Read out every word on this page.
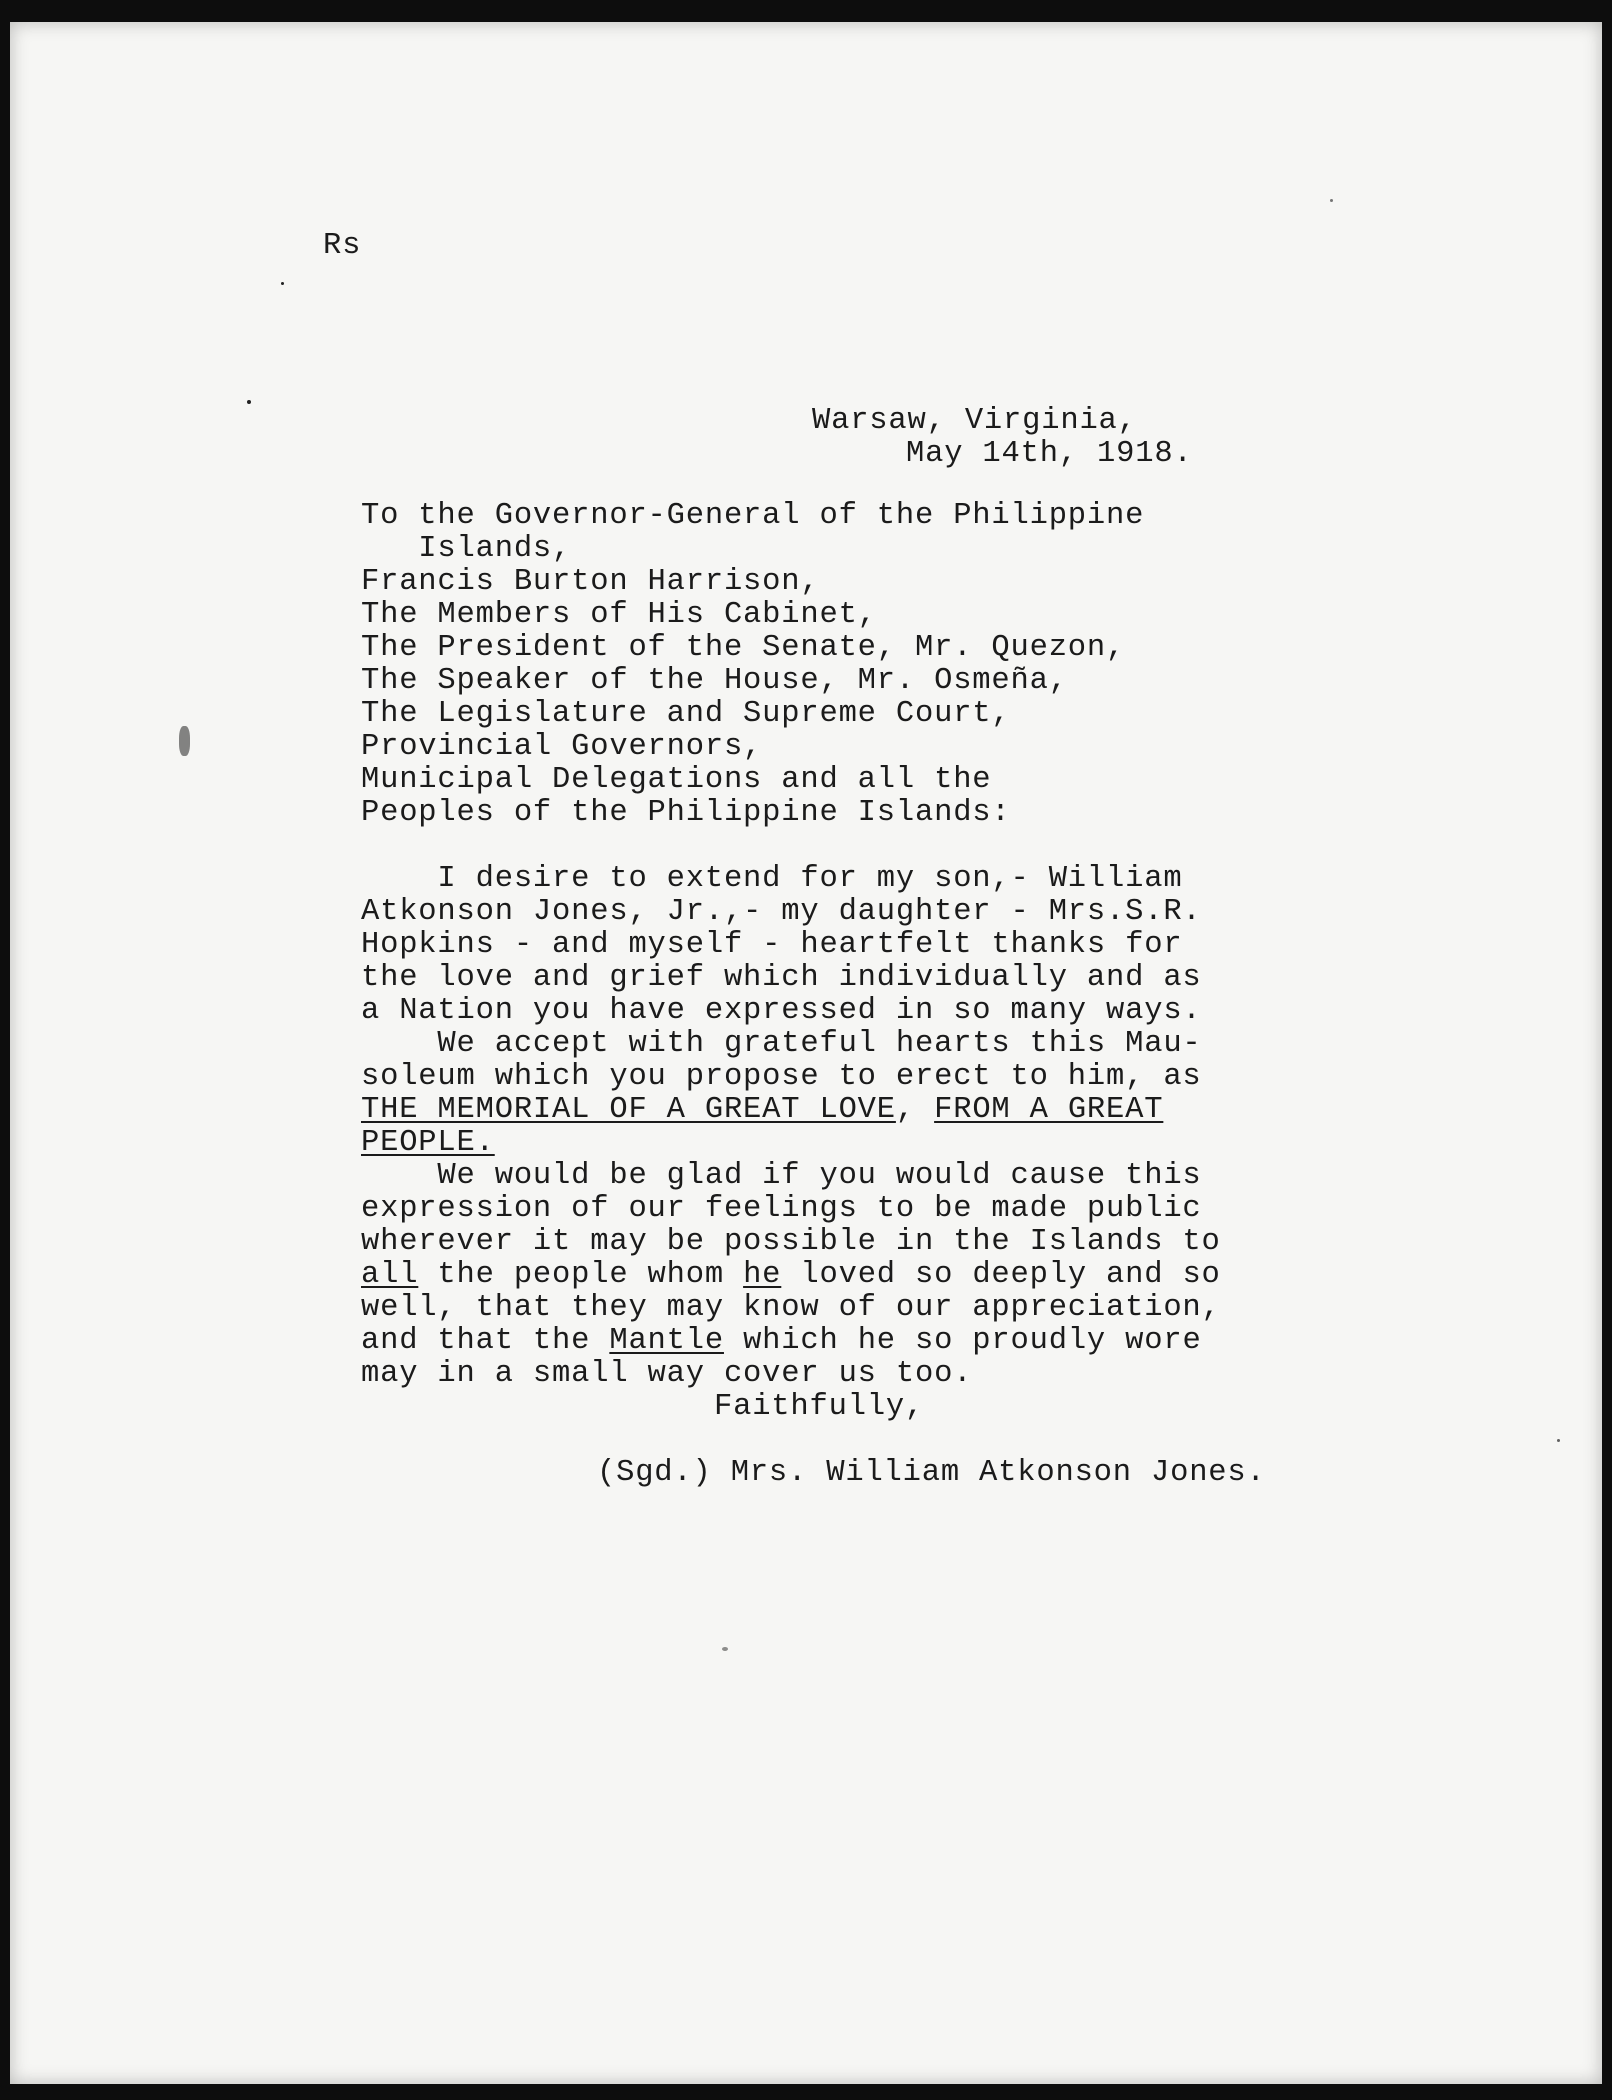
Rs
Warsaw, Virginia,
May 14th, 1918.
To the Governor-General of the Philippine
Islands,
Francis Burton Harrison,
The Members of His Cabinet,
The President of the Senate, Mr. Quezon,
The Speaker of the House, Mr. Osmeña,
The Legislature and Supreme Court,
Provincial Governors,
Municipal Delegations and all the
Peoples of the Philippine Islands:
I desire to extend for my son,- William
Atkonson Jones, Jr.,- my daughter - Mrs.S.R.
Hopkins - and myself - heartfelt thanks for
the love and grief which individually and as
a Nation you have expressed in so many ways.
We accept with grateful hearts this Mau-
soleum which you propose to erect to him, as
THE MEMORIAL OF A GREAT LOVE, FROM A GREAT
PEOPLE.
We would be glad if you would cause this
expression of our feelings to be made public
wherever it may be possible in the Islands to
all the people whom he loved so deeply and so
well, that they may know of our appreciation,
and that the Mantle which he so proudly wore
may in a small way cover us too.
Faithfully,
(Sgd.) Mrs. William Atkonson Jones.
